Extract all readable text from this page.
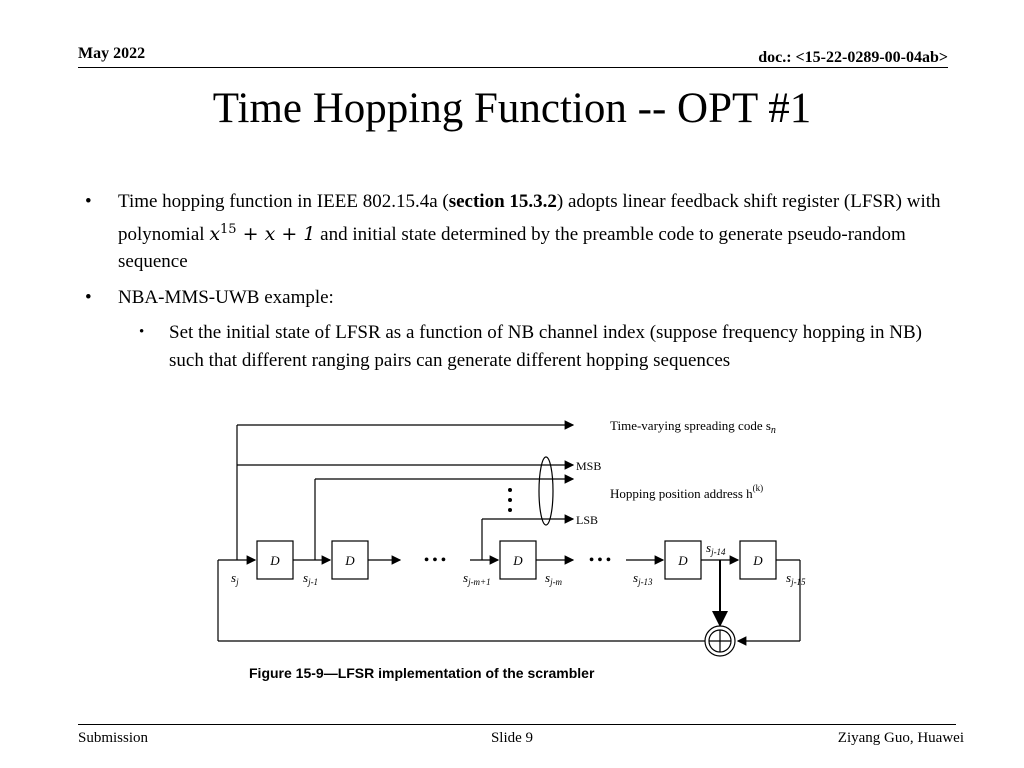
May 2022	doc.: <15-22-0289-00-04ab>
Time Hopping Function -- OPT #1
• Time hopping function in IEEE 802.15.4a (section 15.3.2) adopts linear feedback shift register (LFSR) with polynomial $x^{15} + x + 1$ and initial state determined by the preamble code to generate pseudo-random sequence
• NBA-MMS-UWB example:
• Set the initial state of LFSR as a function of NB channel index (suppose frequency hopping in NB) such that different ranging pairs can generate different hopping sequences
D	D	D	D	D
• • •	• • •
Time-varying spreading code $s_n$
MSB
LSB
Hopping position address $h^{(k)}$
$s_j$	$s_{j-1}$	$s_{j-m+1}$	$s_{j-m}$	$s_{j-13}$
$s_{j-14}$
$s_{j-15}$
Figure 15-9—LFSR implementation of the scrambler
Submission	Slide 9	Ziyang Guo, Huawei
